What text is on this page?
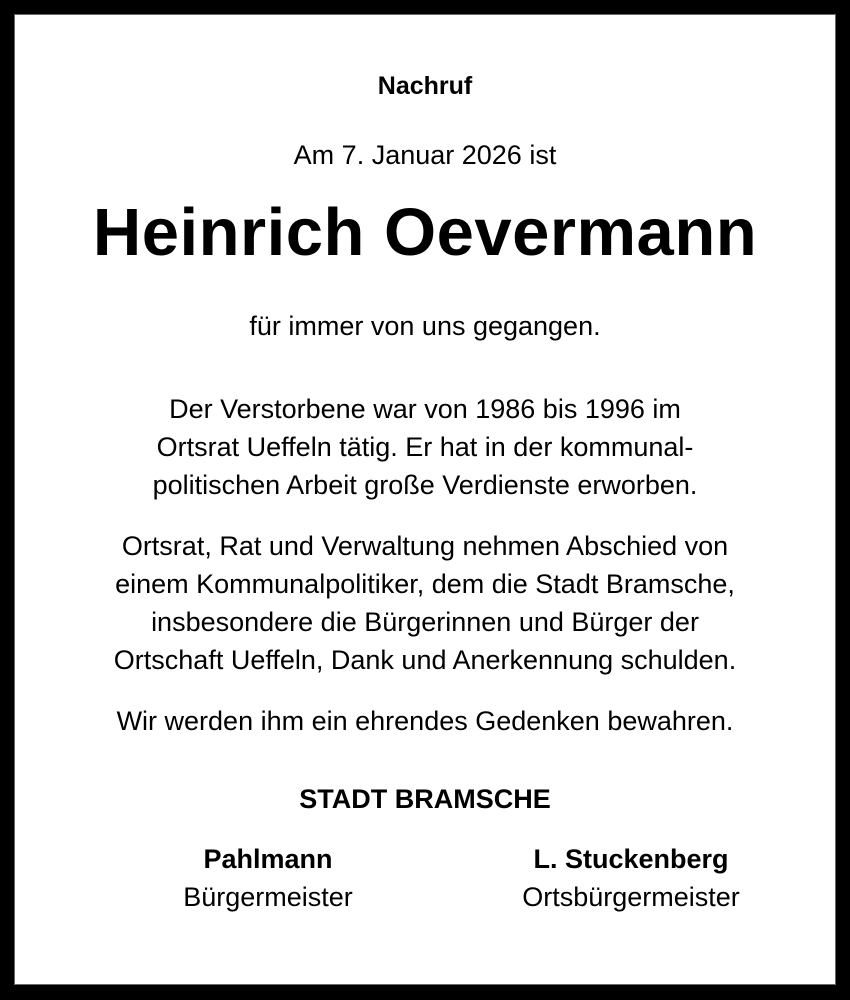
Nachruf
Am 7. Januar 2026 ist
Heinrich Oevermann
für immer von uns gegangen.
Der Verstorbene war von 1986 bis 1996 im
Ortsrat Ueffeln tätig. Er hat in der kommunal-
politischen Arbeit große Verdienste erworben.
Ortsrat, Rat und Verwaltung nehmen Abschied von
einem Kommunalpolitiker, dem die Stadt Bramsche,
insbesondere die Bürgerinnen und Bürger der
Ortschaft Ueffeln, Dank und Anerkennung schulden.
Wir werden ihm ein ehrendes Gedenken bewahren.
STADT BRAMSCHE
Pahlmann
Bürgermeister
L. Stuckenberg
Ortsbürgermeister
